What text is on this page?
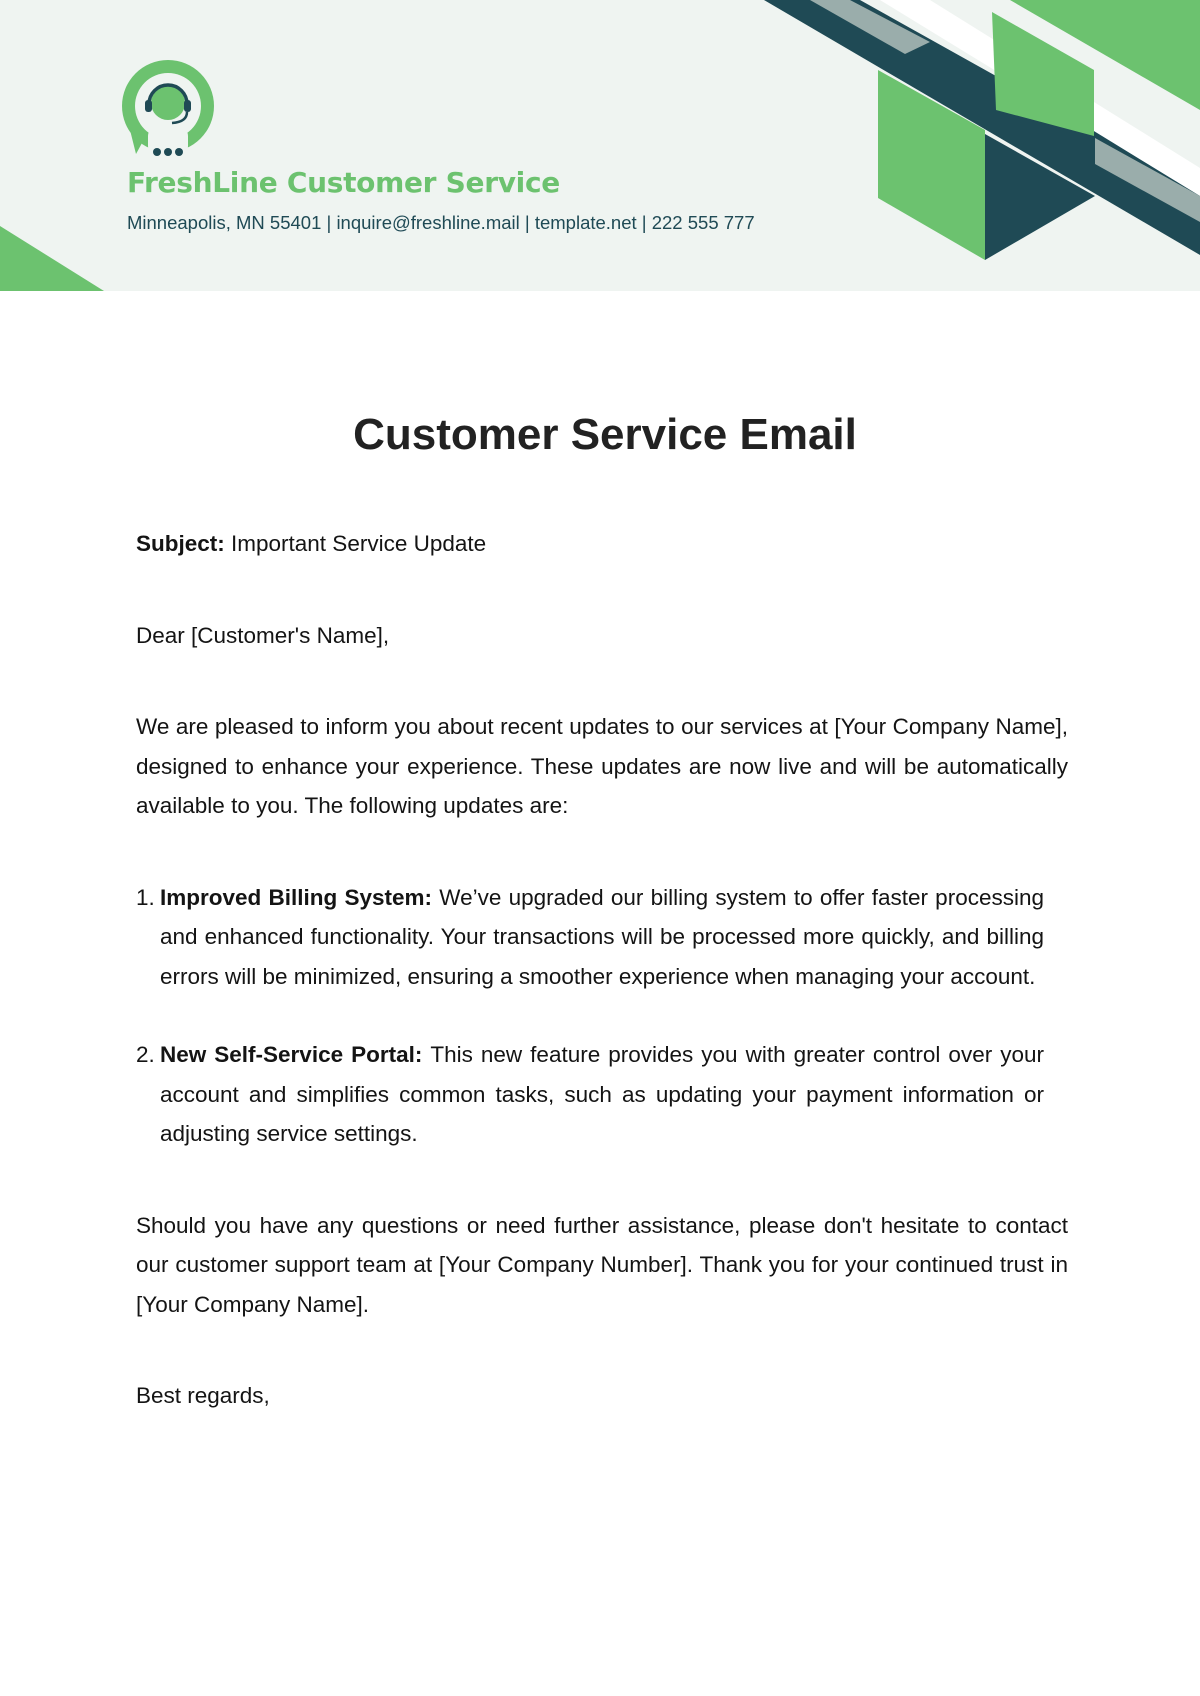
FreshLine Customer Service
Minneapolis, MN 55401 | inquire@freshline.mail | template.net | 222 555 777
Customer Service Email

Subject: Important Service Update

Dear [Customer's Name],

We are pleased to inform you about recent updates to our services at [Your Company Name], designed to enhance your experience. These updates are now live and will be automatically available to you. The following updates are:

1. Improved Billing System: We’ve upgraded our billing system to offer faster processing and enhanced functionality. Your transactions will be processed more quickly, and billing errors will be minimized, ensuring a smoother experience when managing your account.
2. New Self-Service Portal: This new feature provides you with greater control over your account and simplifies common tasks, such as updating your payment information or adjusting service settings.

Should you have any questions or need further assistance, please don't hesitate to contact our customer support team at [Your Company Number]. Thank you for your continued trust in [Your Company Name].

Best regards,
